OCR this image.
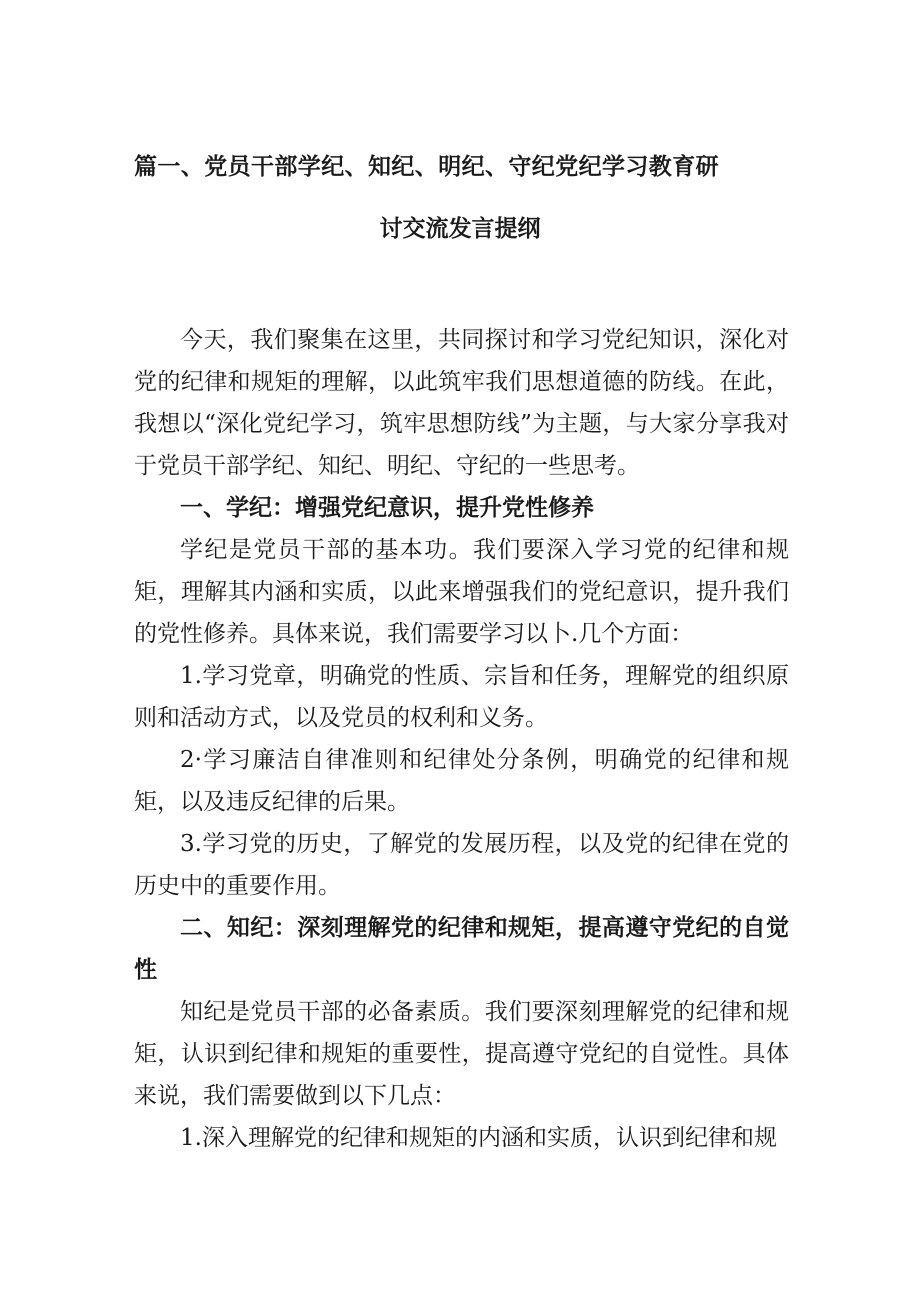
篇一、党员干部学纪、知纪、明纪、守纪党纪学习教育研
讨交流发言提纲

今天，我们聚集在这里，共同探讨和学习党纪知识，深化对党的纪律和规矩的理解，以此筑牢我们思想道德的防线。在此，我想以“深化党纪学习，筑牢思想防线”为主题，与大家分享我对于党员干部学纪、知纪、明纪、守纪的一些思考。

一、学纪：增强党纪意识，提升党性修养

学纪是党员干部的基本功。我们要深入学习党的纪律和规矩，理解其内涵和实质，以此来增强我们的党纪意识，提升我们的党性修养。具体来说，我们需要学习以卜.几个方面：

1.学习党章，明确党的性质、宗旨和任务，理解党的组织原则和活动方式，以及党员的权利和义务。

2·学习廉洁自律准则和纪律处分条例，明确党的纪律和规矩，以及违反纪律的后果。

3.学习党的历史，了解党的发展历程，以及党的纪律在党的历史中的重要作用。

二、知纪：深刻理解党的纪律和规矩，提高遵守党纪的自觉性

知纪是党员干部的必备素质。我们要深刻理解党的纪律和规矩，认识到纪律和规矩的重要性，提高遵守党纪的自觉性。具体来说，我们需要做到以下几点：

1.深入理解党的纪律和规矩的内涵和实质，认识到纪律和规
